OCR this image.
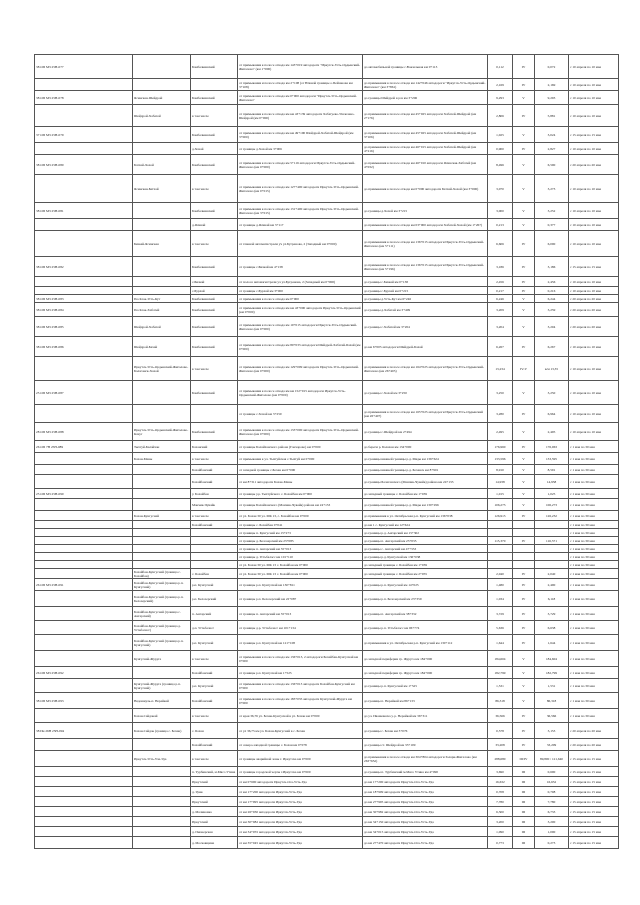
38 ОП МЗ 25Н-077		Бамбалкинский	от примыкания к полосе отвода км 143+019 автодороги "Иркутск-Усть-Ордынский-Жигалово" (км 1+000)	до автомобильной границы с.Вокзальная км 0+113	0,112	IV	0,072	с 10 апреля по 10 мая
			от примыкания и полосе отвода км 2+108 (от Южной границы о.Пейзанова км 3+108)	до примыкания к полосе отвода км 142+046 автодороги "Иркутск-Усть-Ордынский-Жигалово" (км 3+861)	2,169	IV	2,169	с 10 апреля по 10 мая
38 ОП МЗ 25Н-078	Ясинская-Шейдрой	Бамбалкинский	от примыкания к полосе отвода км 0+000 автодороги "Иркутск-Усть-Ордынский-Жигалово"	до границы Шейдрой в раз км 3+206	9,293	V	9,293	с 10 апреля по 10 мая
	Шейдрой-Хабатей	в том числе	от примыкания к полосе отвода км км 43+139 автодороги Хабатуево-Ушлелево-Шейдрой (км 0+000)	до примыкания к полосе отвода км 45+025 автодороги Хабатей-Шейдрой (км 2+176)	2,806	IV	5,881	с 10 апреля по 10 мая
37 ОП МЗ 25Н-079		Бамбалкинский	от примыкания к полосе отвода км км 49+190 Шейдрой-Хабатей-Шейдрой (км 3+000)	до примыкания к полосе отвода км 45+025 автодороги Хабатей-Шейдрой (км 3+106)	1,025	V	3,024	с 15 апреля по 15 мая
		д.Хохой	от границы д.Хохой км 3+006	до примыкания к полосе отвода км 46+015 автодороги Хабатей-Шейдрой (км 4+216)	0,900	IV	2,827	с 10 апреля по 10 мая
38 ОП МЗ 25Н-080	Батхай-Хохой	Бамбалкинский	от примыкания к полосе отвода км 5+116 автодороги Иркутск-Усть-Ордынский-Жигалово (км 0+000)	до примыкания к полосе отвода км 46+010 автодороги Ясинская-Хабатей (км 4+032)	8,496	V	6,590	с 20 апреля по 20 мая
	Ясинская-Батхай	в том числе	от примыкания к полосе отвода км 127+400 автодороги Иркутск-Усть-Ордынский-Жигалово (км 0+015)	до примыкания к полосе отвода км 0+000 автодороги Батхай-Хохой (км 3+000)	3,070	V	3,273	с 10 апреля по 10 мая
38 ОП МЗ 25Н-081		Бамбалкинский	от примыкания к полосе отвода км 131+400 автодороги Иркутск-Усть-Ордынский-Жигалово (км 3+015)	до границы д.Хохой км 3+215	3,000	V	3,252	с 10 апреля по 10 мая
		д.Ясинай	от границы д.Ясинай км 3+117	до примыкания к полосе отвода км 03+000 автодороги Хабатей-Хохой (км 1+267)	0,213	V	0,377	с 10 апреля по 10 мая
	Бизкай-Ясинская	в том числе	от главной автомагистрали уч ул.Бугранова, 2 (Западный км 0+000)	до примыкания к полосе отвода км 136+015 автодороги Иркутск-Усть-Ордынский-Жигалово (км 5+111)	6,606	IV	6,090	с 10 апреля по 10 мая
38 ОП МЗ 25Н-082		Бамбалкинский	от границы с.Бизкай км 4+138	до примыкания к полосе отвода км 136+015 автодороги Иркутск-Усть-Ордынский-Жигалово (км 5+196)	3,186	IV	3,186	с 15 апреля по 15 мая
		с.Бизкай	от полосе автомагистрали уч ул.Бугранова, 2 (Западный км 0+000)	до границы с.Бизкай км 0+138	2,456	IV	2,456	с 10 апреля по 10 мая
		с.Бурхай	от границы с.Бурхай км 3+000	до границы с.Бурхай км 0+215	0,217	IV	0,216	с 10 апреля по 10 мая
38 ОП МЗ 25Н-083	Посёлок-Усть-Кут	Бамбалкинский	от примыкания к полосе отвода км 0+000	до границы д.Усть-Кут км 6+246	6,246	V	6,244	с 20 апреля по 20 мая
38 ОП МЗ 25Н-084	Посёлок-Хабатей	Бамбалкинский	от примыкания к полосе отвода км км 43+000 автодороги Иркутск-Усть-Ордынский (км 0+000)	до границы д.Хабатей км 3+409	3,209	V	3,259	с 20 апреля по 20 мая
38 ОП МЗ 25Н-085	Шейдрой-Хабатей	Бамбалкинский	от примыкания к полосе отвода км 10+015 автодороги Иркутск-Усть-Ордынский-Жигалово (км 0+000)	до границы с.Хабатей км 3+204	3,204	V	3,204	с 20 апреля по 20 мая
38 ОП МЗ 25Н-086	Шейдрой-Бахай	Бамбалкинский	от примыкания к полосе отвода км 80+033 автодороги Шейдрой-Хабатей-Бахай (км 0+000)	до км 6+005 автодороги Шейдрой-Бахай	6,267	IV	6,267	с 10 апреля по 10 мая
	Иркутск-Усть-Ордынский-Жигалово-Балаганск-Хохой	в том числе	от примыкания к полосе отвода км 129+009 автодороги Иркутск-Усть-Ордынский-Жигалово (км 0+000)	до примыкания к полосе отвода км 164+025 автодороги Иркутск-Усть-Ордынский-Жигалово (км 26+403)	13,234	IV-V	в/м 13,35	с 10 апреля по 10 мая
25 ОП МЗ 25Н-087		Бамбалкинский	от примыкания к полосе отвода км км 152+015 автодороги Иркутск-Усть-Ордынский-Жигалово (км 0+000)	до границы с.Хохой км 3+250	3,250	V	3,250	с 10 апреля по 10 мая
			от границы с.Хохой км 3+250	до примыкания к полосе отвода км 165+025 автодороги Иркутск-Усть-Ордынский (км 26+407)	3,280	IV	6,964	с 10 апреля по 10 мая
28 ОП МЗ 25Н-088	Иркутск-Усть-Ордынский-Жигалово-Качуг	Бамбалкинский	от примыкания к полосе отвода км 133+000 автодороги Иркутск-Усть-Ордынский-Жигалово (км 0+000)	до границы с.Шейдрой км 2+494	2,495	V	2,495	с 10 апреля по 10 мая
26 ОП 7Н 25Н-089	Тыхтуй-Балайхан	Боханский	от границы Балайханского района (Гончарово) км 0+000	до береги р. Балахан км 134+000	176,960	IV	176,063	с 1 мая по 30 мая
	Бохан-Маны	в том числе	от примыкания к ул. Тыхтуйская с.Тыхтуй км 0+000	до границы нижней границы р.д. Мяды км 136+624	133,596	V	133,595	с 1 мая по 30 мая
		Бохайбанский	от западной границы с.Бохан км 0+000	до границы нижней границы р.д. Боханск км 8+901	8,910	V	8,591	с 1 мая по 30 мая
		Бохайбанский	от км 8+311 автодороги Бохан-Маны	до границы Балаганского (Манчик-Чувайк) района км 24+133	14,938	V	14,938	с 1 мая по 30 мая
25 ОП МЗ 25Н-090		у. Бохайбан	от границы у.р. Тыхтуйского с. Бохайбан км 0+000	до западный границы с. Бохайбан км 1+039	1,015	V	1,025	с 1 мая по 30 мая
		Манчик-Чувайк	от границы Балайханского (Манчик-Чувайк) района км 24+133	до границы нижней границы р.д. Мяды км 130+296	106,273	V	106,273	с 1 мая по 30 мая
	Бохан-Кунгуснай	в том числе	от ул. Бохан 30 ул. МК 13, с. Бохайбан км 0+000	до примыкания к ул. Октябрьская р.п. Кунгуснай км 136+038	126,913	IV	126,232	с 1 мая по 30 мая
		Бохайбанский	от границы с. Бохайбан 0+041	до км 1 с. Кунгуснай км 12+624				с 1 мая по 30 мая
			от границы п. Кунгуснай км 15+273	до границы р.д. Ангарский км 15+302				с 1 мая по 30 мая
			от границы д. Белозерский км 23+085	до границы п. Ангарский км 23+035	115,370	IV	116,571	с 1 мая по 30 мая
			от границы п. Ангарский км 35+013	до границы с. Ангарский км 47+333				с 1 мая по 30 мая
			от границы д. Устьбаласс км 101+110	до границы р.д. Кунгуснай км 136+038				с 1 мая по 30 мая
			от ул. Бохан 30 ул. МК 13 с. Бохайбан км 0+000	до западный границы с. Бохайбан км 1+039				с 1 мая по 30 мая
	Бохайбан-Кунгуснай (граница с. Бохайбан)	с. Бохайбан	от ул. Бохан 30 ул. МК 13 с. Бохайбан км 0+000	до западный границы с. Бохайбан км 2+055	2,040	IV	2,040	с 1 мая по 30 мая
26 ОП МЗ 25Н-091	Бохайбан-Кунгуснай (граница р.п. Кунгуснай)	р.п. Кунгуснай	от границы р.п. Кунгуснай км 130+811	до границы р.п. Кунгуснай км 14+025	1,480	IV	2,490	с 1 мая по 30 мая
	Бохайбан-Кунгуснай (граница р.п. Белозерский)	р.п. Белозерский	от границы р.п. Белозерский км 22+087	до границы р.п. Белозерский км 23+359	1,034	IV	6,118	с 1 мая по 30 мая
	Бохайбан-Кунгуснай (граница с. Ангарский)	п. Ангарский	от границы п. Ангарский км 35+013	до границы п. Ангарский км 38+332	3,729	IV	3,729	с 1 мая по 30 мая
	Бохайбан-Кунгуснай (граница д. Устьбаласс)	д.п. Устьбаласс	от границы д.р. Устьбаласс км 101+134	до границы р.п. Устьбаласс км 06+774	5,636	IV	6,638	с 1 мая по 30 мая
	Бохайбан-Кунгуснай (граница р.п. Кунгуснай)	р.п. Кунгуснай	от границы р.п. Кунгуснай км 121+108	до примыкания к ул. Октябрьская р.п. Кунгуснай км 130+112	1,644	IV	1,644	с 1 мая по 30 мая
	Кунгуснай-Журуга	в том числе	от примыкания к полосе отвода км 136+013, 2 автодороги Бохайбан-Кунгуснай км 0+000	до западной периферии гр. Журуга км 184+000	184,604	V	184,604	с 1 мая по 30 мая
26 ОП МЗ 25Н-092		Бохайбанский	от границы р.п. Кунгуснай км 1+525	до западной периферии гр. Журуга км 184+000	182,799	V	182,799	с 1 мая по 30 мая
	Кунгуснай-Журуга (граница р.п. Кунгуснай)	р.п. Кунгуснай	от примыкания к полосе отвода км 136+013 автодороги Бохайбан-Кунгуснай км 0+000	до границы р.п. Кунгуснай км 1+525	1,531	V	1,531	с 1 мая по 30 мая
38 ОП МЗ 25Н-093	Недошкуль-п. Нерайкай	Бохайбанский	от примыкания к полосе отвода км 183+035 автодороги Кунгуснай-Журуга км 0+000	до границы п. Нерайкай км 86+133	86,318	V	86,318	с 1 мая по 30 мая
	Бохан-Сайдакай	в том числе	от края 36,76 ул. Бохан-Кунгуснай в ул. Бохан км 0+000	до ул. Ивашеваска у. р. Нерайкай км 36+311	36,566	IV	36,566	с 1 мая по 30 мая
38 Ин 26Н 25Н-094	Бохан-Сайдак (граница с. Бохан)	с. Бохан	от ул 36,75 км ул. Бохан-Кунгуснай в с. Бохан	до границы с. Бохан км 3+076	0,578	IV	3,153	с 20 апреля по 20 мая
		Бохайбанский	от северо-западной границы с. Бохан км 0+078	до границы ст. Шейдрой км 33+109	33,208	IV	33,209	с 20 апреля по 20 мая
	Иркутск-Усть-Ула-Уда	в том числе	от границы аварийной зоны г. Иркутска км 0+000	до примыкания к полосе отвода км 304+804 автодороги Залари-Жигалово (км 263+652)	288,680	III/IV	89,800 / 121,640	с 15 апреля по 15 мая
		п. Турбинский, м.Мясо Утина	от границы городской черты г.Иркутска км 0+000	до границы п. Турбинский м.Мясо Утина км 4+090	3,690	III	0,690	с 15 апреля по 15 мая
		Иркутский	от км 0+690 автодороги Иркутск-Оса-Усть-Уда	до км 17+200 автодороги Иркутск-Оса-Усть-Уда	16,632	III	16,632	с 15 апреля по 15 мая
		д. Урик	от км 17+200 автодороги Иркутск-Усть-Уда	до км 18+909 автодороги Иркутск-Оса-Усть-Уда	0,708	III	0,708	с 15 апреля по 15 мая
		Иркутский	от км 17+995 автодороги Иркутск-Усть-Уда	до км 27+995 автодороги Иркутск-Оса-Усть-Уда	7,780	III	7,780	с 15 апреля по 15 мая
		д. Малиновка	от км 26+930 автодороги Иркутск-Усть-Уда	до км 30+982 автодороги Иркутск-Оса-Усть-Уда	6,300	III	6,733	с 15 апреля по 15 мая
		Иркутский	от км 30+982 автодороги Иркутск-Усть-Уда	до км 34+150 автодороги Иркутск-Оса-Усть-Уда	3,200	III	3,200	с 15 апреля по 15 мая
		д. Пионерская	от км 34+055 автодороги Иркутск-Усть-Уда	до км 34+015 автодороги Иркутск-Оса-Усть-Уда	1,090	III	1,090	с 15 апреля по 15 мая
		д. Московщина	от км 35+045 автодороги Иркутск-Усть-Уда	до км 27+470 автодороги Иркутск-Оса-Усть-Уда	0,773	III	0,273	с 15 апреля по 15 мая
